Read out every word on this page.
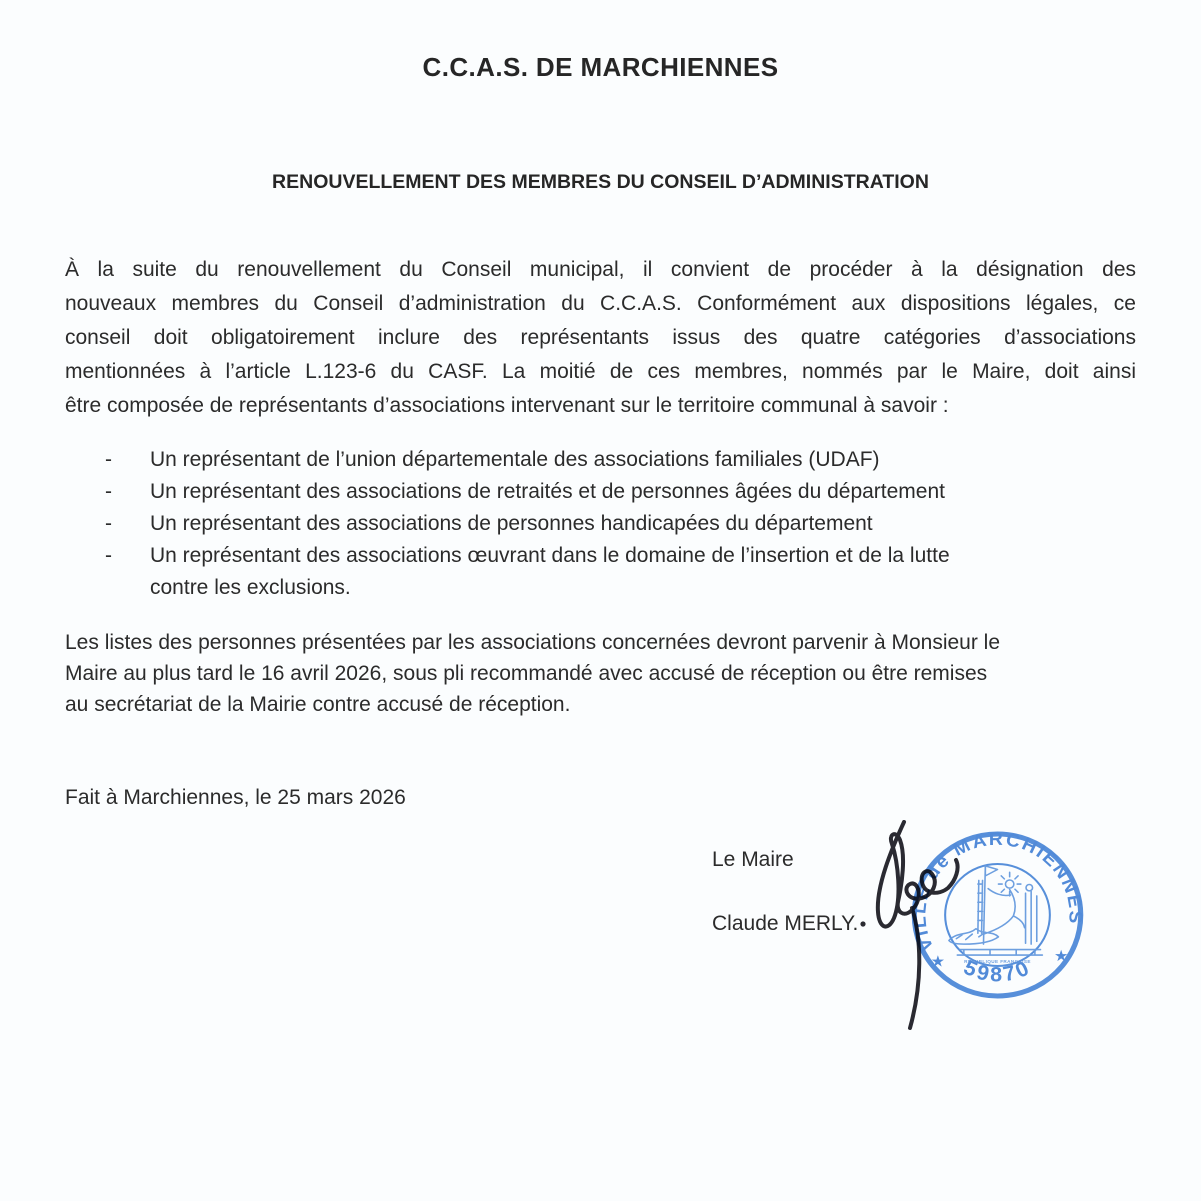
C.C.A.S. DE MARCHIENNES
RENOUVELLEMENT DES MEMBRES DU CONSEIL D’ADMINISTRATION
À la suite du renouvellement du Conseil municipal, il convient de procéder à la désignation des
nouveaux membres du Conseil d’administration du C.C.A.S. Conformément aux dispositions légales, ce
conseil doit obligatoirement inclure des représentants issus des quatre catégories d’associations
mentionnées à l’article L.123-6 du CASF. La moitié de ces membres, nommés par le Maire, doit ainsi
être composée de représentants d’associations intervenant sur le territoire communal à savoir :
-	Un représentant de l’union départementale des associations familiales (UDAF)
-	Un représentant des associations de retraités et de personnes âgées du département
-	Un représentant des associations de personnes handicapées du département
-	Un représentant des associations œuvrant dans le domaine de l’insertion et de la lutte
contre les exclusions.
Les listes des personnes présentées par les associations concernées devront parvenir à Monsieur le
Maire au plus tard le 16 avril 2026, sous pli recommandé avec accusé de réception ou être remises
au secrétariat de la Mairie contre accusé de réception.
Fait à Marchiennes, le 25 mars 2026
Le Maire
Claude MERLY.
VILLE de MARCHIENNES
59870
★	★
RÉPUBLIQUE FRANÇAISE
